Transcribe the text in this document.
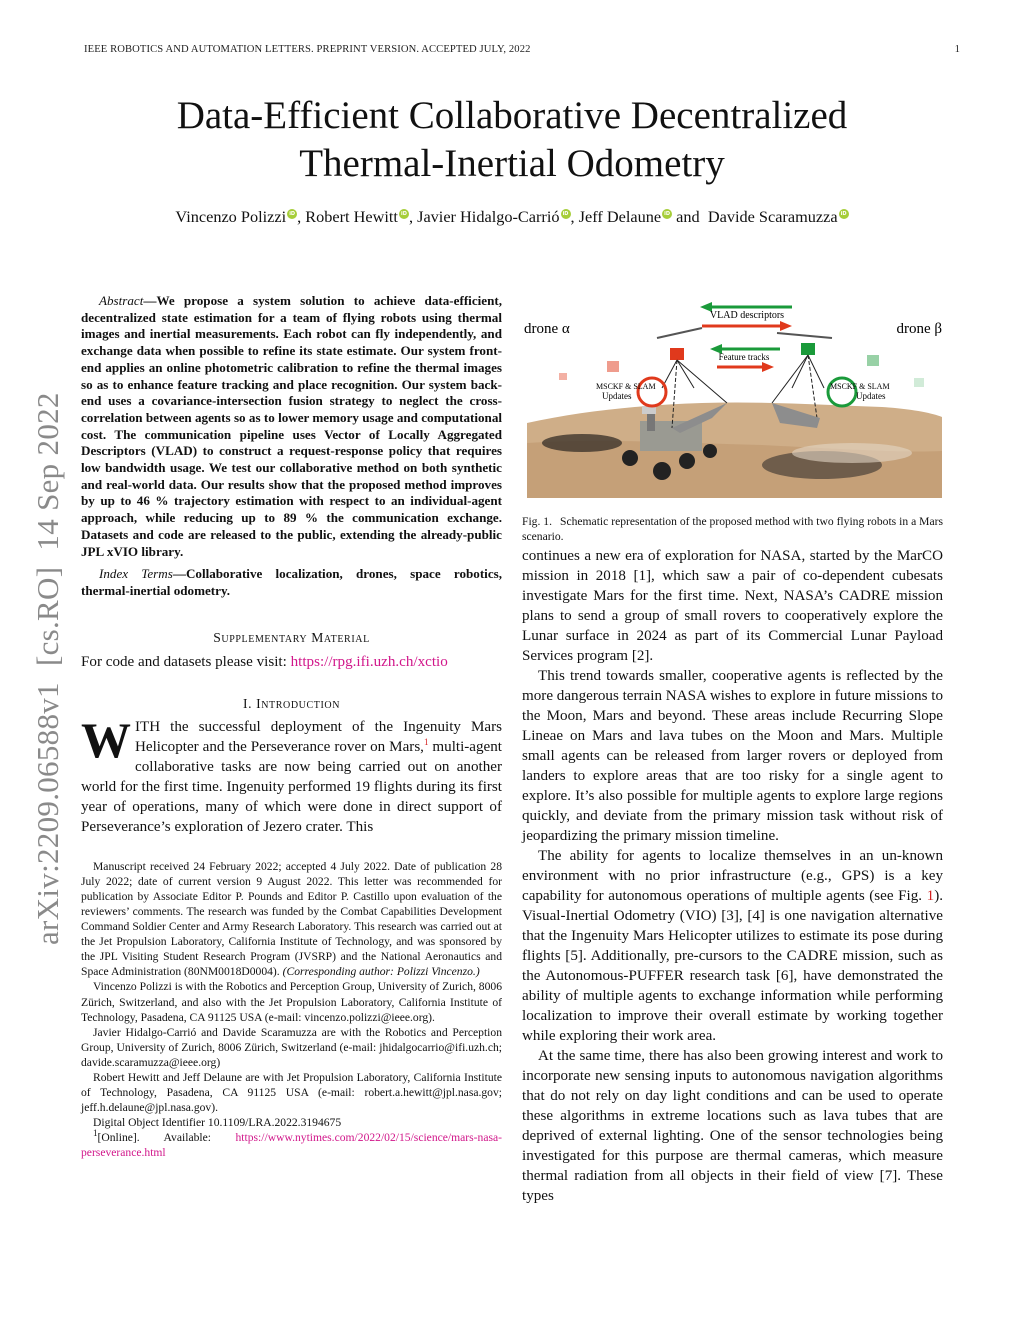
IEEE ROBOTICS AND AUTOMATION LETTERS. PREPRINT VERSION. ACCEPTED JULY, 2022	1
Data-Efficient Collaborative Decentralized
Thermal-Inertial Odometry
Vincenzo Polizzi iD , Robert Hewitt iD , Javier Hidalgo-Carrió iD , Jeff Delaune iD and  Davide Scaramuzza iD
arXiv:2209.06588v1  [cs.RO]  14 Sep 2022

Abstract—We propose a system solution to achieve data-efficient, decentralized state estimation for a team of flying robots using thermal images and inertial measurements. Each robot can fly independently, and exchange data when possible to refine its state estimate. Our system front-end applies an online photometric calibration to refine the thermal images so as to enhance feature tracking and place recognition. Our system back-end uses a covariance-intersection fusion strategy to neglect the cross-correlation between agents so as to lower memory usage and computational cost. The communication pipeline uses Vector of Locally Aggregated Descriptors (VLAD) to construct a request-response policy that requires low bandwidth usage. We test our collaborative method on both synthetic and real-world data. Our results show that the proposed method improves by up to 46 % trajectory estimation with respect to an individual-agent approach, while reducing up to 89 % the communication exchange. Datasets and code are released to the public, extending the already-public JPL xVIO library.

Index Terms—Collaborative localization, drones, space robotics, thermal-inertial odometry.

Supplementary Material

For code and datasets please visit: https://rpg.ifi.uzh.ch/xctio

I. Introduction

WITH the successful deployment of the Ingenuity Mars Helicopter and the Perseverance rover on Mars,$^1$ multi-agent collaborative tasks are now being carried out on another world for the first time. Ingenuity performed 19 flights during its first year of operations, many of which were done in direct support of Perseverance’s exploration of Jezero crater. This

Manuscript received 24 February 2022; accepted 4 July 2022. Date of publication 28 July 2022; date of current version 9 August 2022. This letter was recommended for publication by Associate Editor P. Pounds and Editor P. Castillo upon evaluation of the reviewers’ comments. The research was funded by the Combat Capabilities Development Command Soldier Center and Army Research Laboratory. This research was carried out at the Jet Propulsion Laboratory, California Institute of Technology, and was sponsored by the JPL Visiting Student Research Program (JVSRP) and the National Aeronautics and Space Administration (80NM0018D0004). (Corresponding author: Polizzi Vincenzo.)

Vincenzo Polizzi is with the Robotics and Perception Group, University of Zurich, 8006 Zürich, Switzerland, and also with the Jet Propulsion Laboratory, California Institute of Technology, Pasadena, CA 91125 USA (e-mail: vincenzo.polizzi@ieee.org).

Javier Hidalgo-Carrió and Davide Scaramuzza are with the Robotics and Perception Group, University of Zurich, 8006 Zürich, Switzerland (e-mail: jhidalgocarrio@ifi.uzh.ch; davide.scaramuzza@ieee.org)

Robert Hewitt and Jeff Delaune are with Jet Propulsion Laboratory, California Institute of Technology, Pasadena, CA 91125 USA (e-mail: robert.a.hewitt@jpl.nasa.gov; jeff.h.delaune@jpl.nasa.gov).

Digital Object Identifier 10.1109/LRA.2022.3194675

$^1$[Online]. Available: https://www.nytimes.com/2022/02/15/science/mars-nasa-perseverance.html

VLAD descriptors
Feature tracks
drone α	drone β
MSCKF & SLAM
Updates
MSCKF & SLAM
Updates

Fig. 1. Schematic representation of the proposed method with two flying robots in a Mars scenario.

continues a new era of exploration for NASA, started by the MarCO mission in 2018 [1], which saw a pair of co-dependent cubesats investigate Mars for the first time. Next, NASA’s CADRE mission plans to send a group of small rovers to cooperatively explore the Lunar surface in 2024 as part of its Commercial Lunar Payload Services program [2].

This trend towards smaller, cooperative agents is reflected by the more dangerous terrain NASA wishes to explore in future missions to the Moon, Mars and beyond. These areas include Recurring Slope Lineae on Mars and lava tubes on the Moon and Mars. Multiple small agents can be released from larger rovers or deployed from landers to explore areas that are too risky for a single agent to explore. It’s also possible for multiple agents to explore large regions quickly, and deviate from the primary mission task without risk of jeopardizing the primary mission timeline.

The ability for agents to localize themselves in an un-known environment with no prior infrastructure (e.g., GPS) is a key capability for autonomous operations of multiple agents (see Fig. 1). Visual-Inertial Odometry (VIO) [3], [4] is one navigation alternative that the Ingenuity Mars Helicopter utilizes to estimate its pose during flights [5]. Additionally, pre-cursors to the CADRE mission, such as the Autonomous-PUFFER research task [6], have demonstrated the ability of multiple agents to exchange information while performing localization to improve their overall estimate by working together while exploring their work area.

At the same time, there has also been growing interest and work to incorporate new sensing inputs to autonomous navigation algorithms that do not rely on day light conditions and can be used to operate these algorithms in extreme locations such as lava tubes that are deprived of external lighting. One of the sensor technologies being investigated for this purpose are thermal cameras, which measure thermal radiation from all objects in their field of view [7]. These types
